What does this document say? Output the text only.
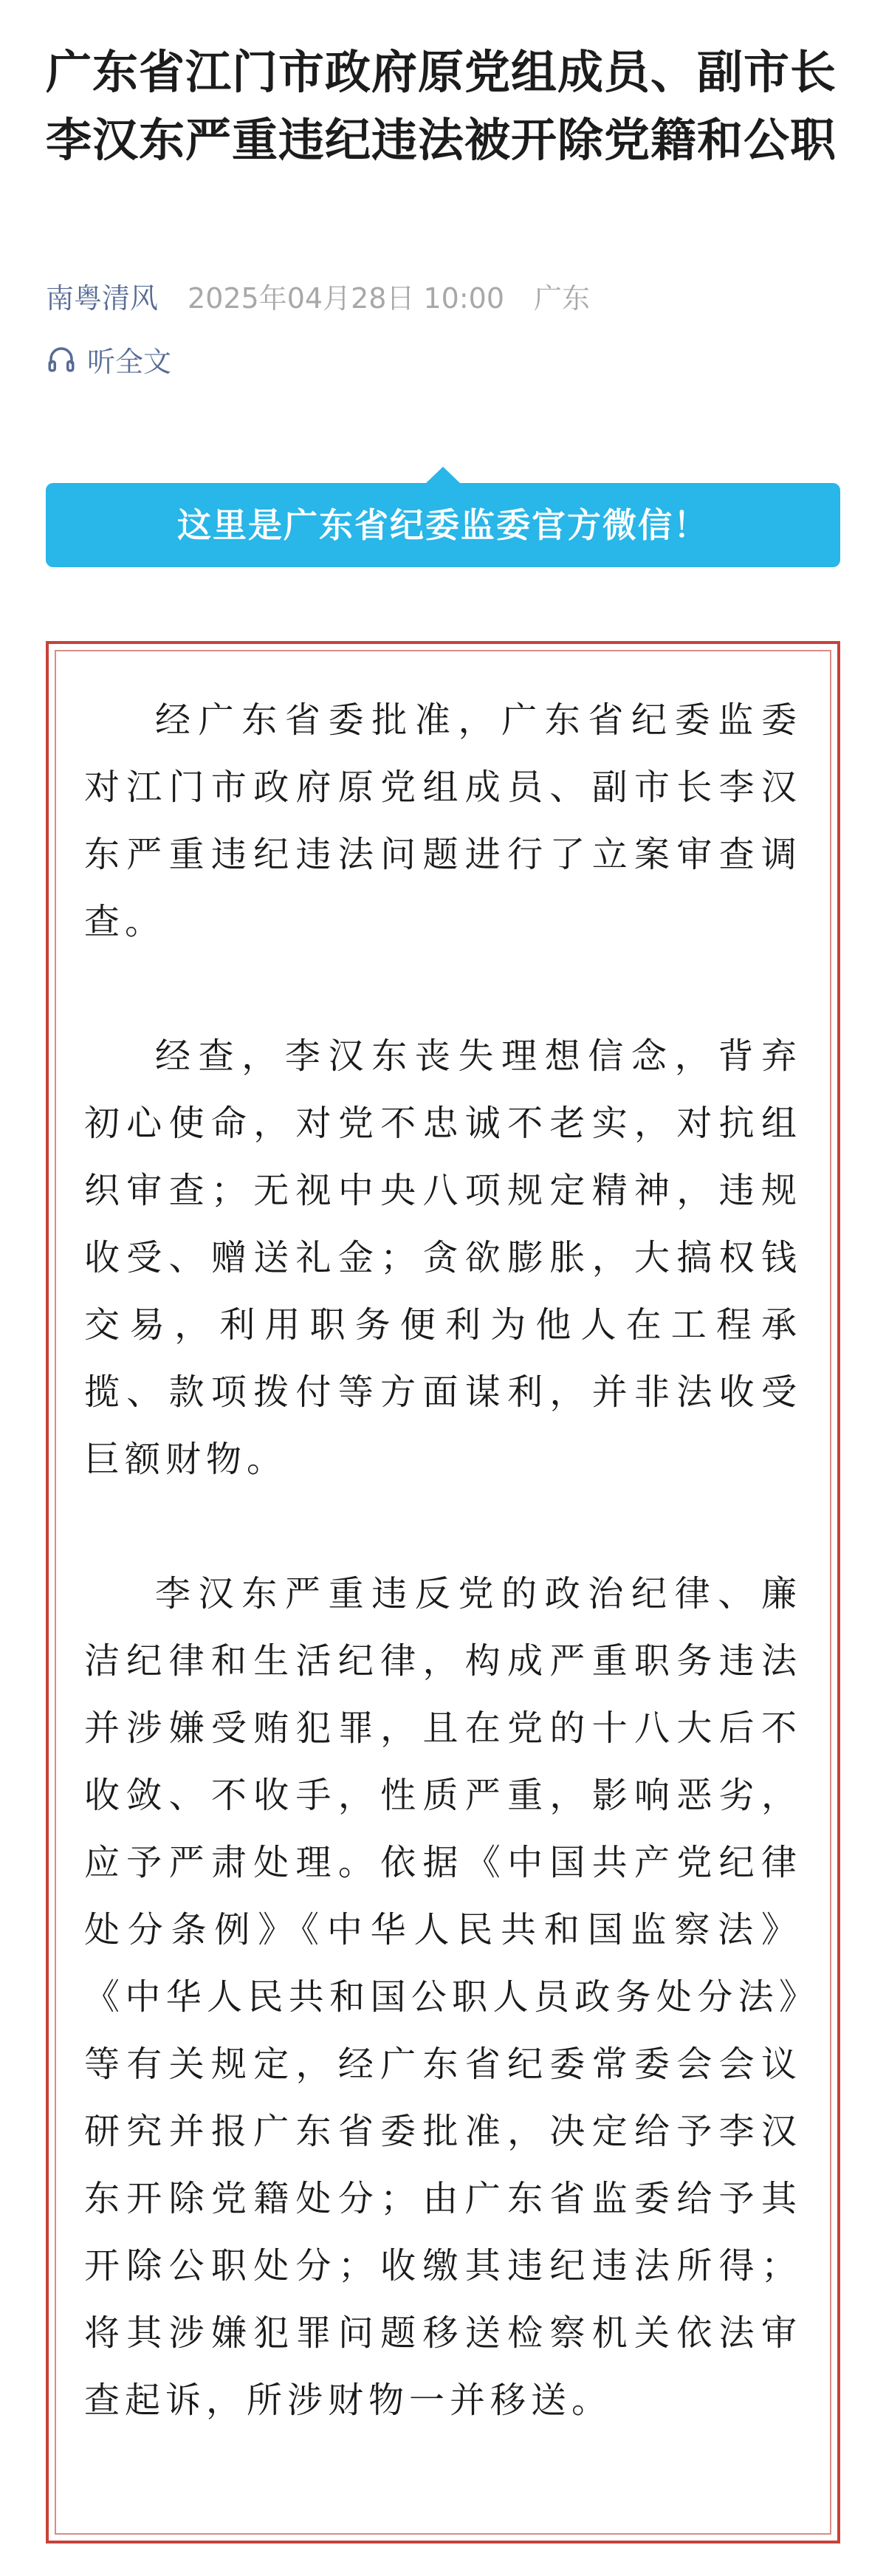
广东省江门市政府原党组成员、副市长李汉东严重违纪违法被开除党籍和公职
南粤清风 2025年04月28日 10:00 广东
听全文
这里是广东省纪委监委官方微信！

经广东省委批准，广东省纪委监委对江门市政府原党组成员、副市长李汉东严重违纪违法问题进行了立案审查调查。

经查，李汉东丧失理想信念，背弃初心使命，对党不忠诚不老实，对抗组织审查；无视中央八项规定精神，违规收受、赠送礼金；贪欲膨胀，大搞权钱交易，利用职务便利为他人在工程承揽、款项拨付等方面谋利，并非法收受巨额财物。

李汉东严重违反党的政治纪律、廉洁纪律和生活纪律，构成严重职务违法并涉嫌受贿犯罪，且在党的十八大后不收敛、不收手，性质严重，影响恶劣，应予严肃处理。依据《中国共产党纪律处分条例》《中华人民共和国监察法》《中华人民共和国公职人员政务处分法》等有关规定，经广东省纪委常委会会议研究并报广东省委批准，决定给予李汉东开除党籍处分；由广东省监委给予其开除公职处分；收缴其违纪违法所得；将其涉嫌犯罪问题移送检察机关依法审查起诉，所涉财物一并移送。
